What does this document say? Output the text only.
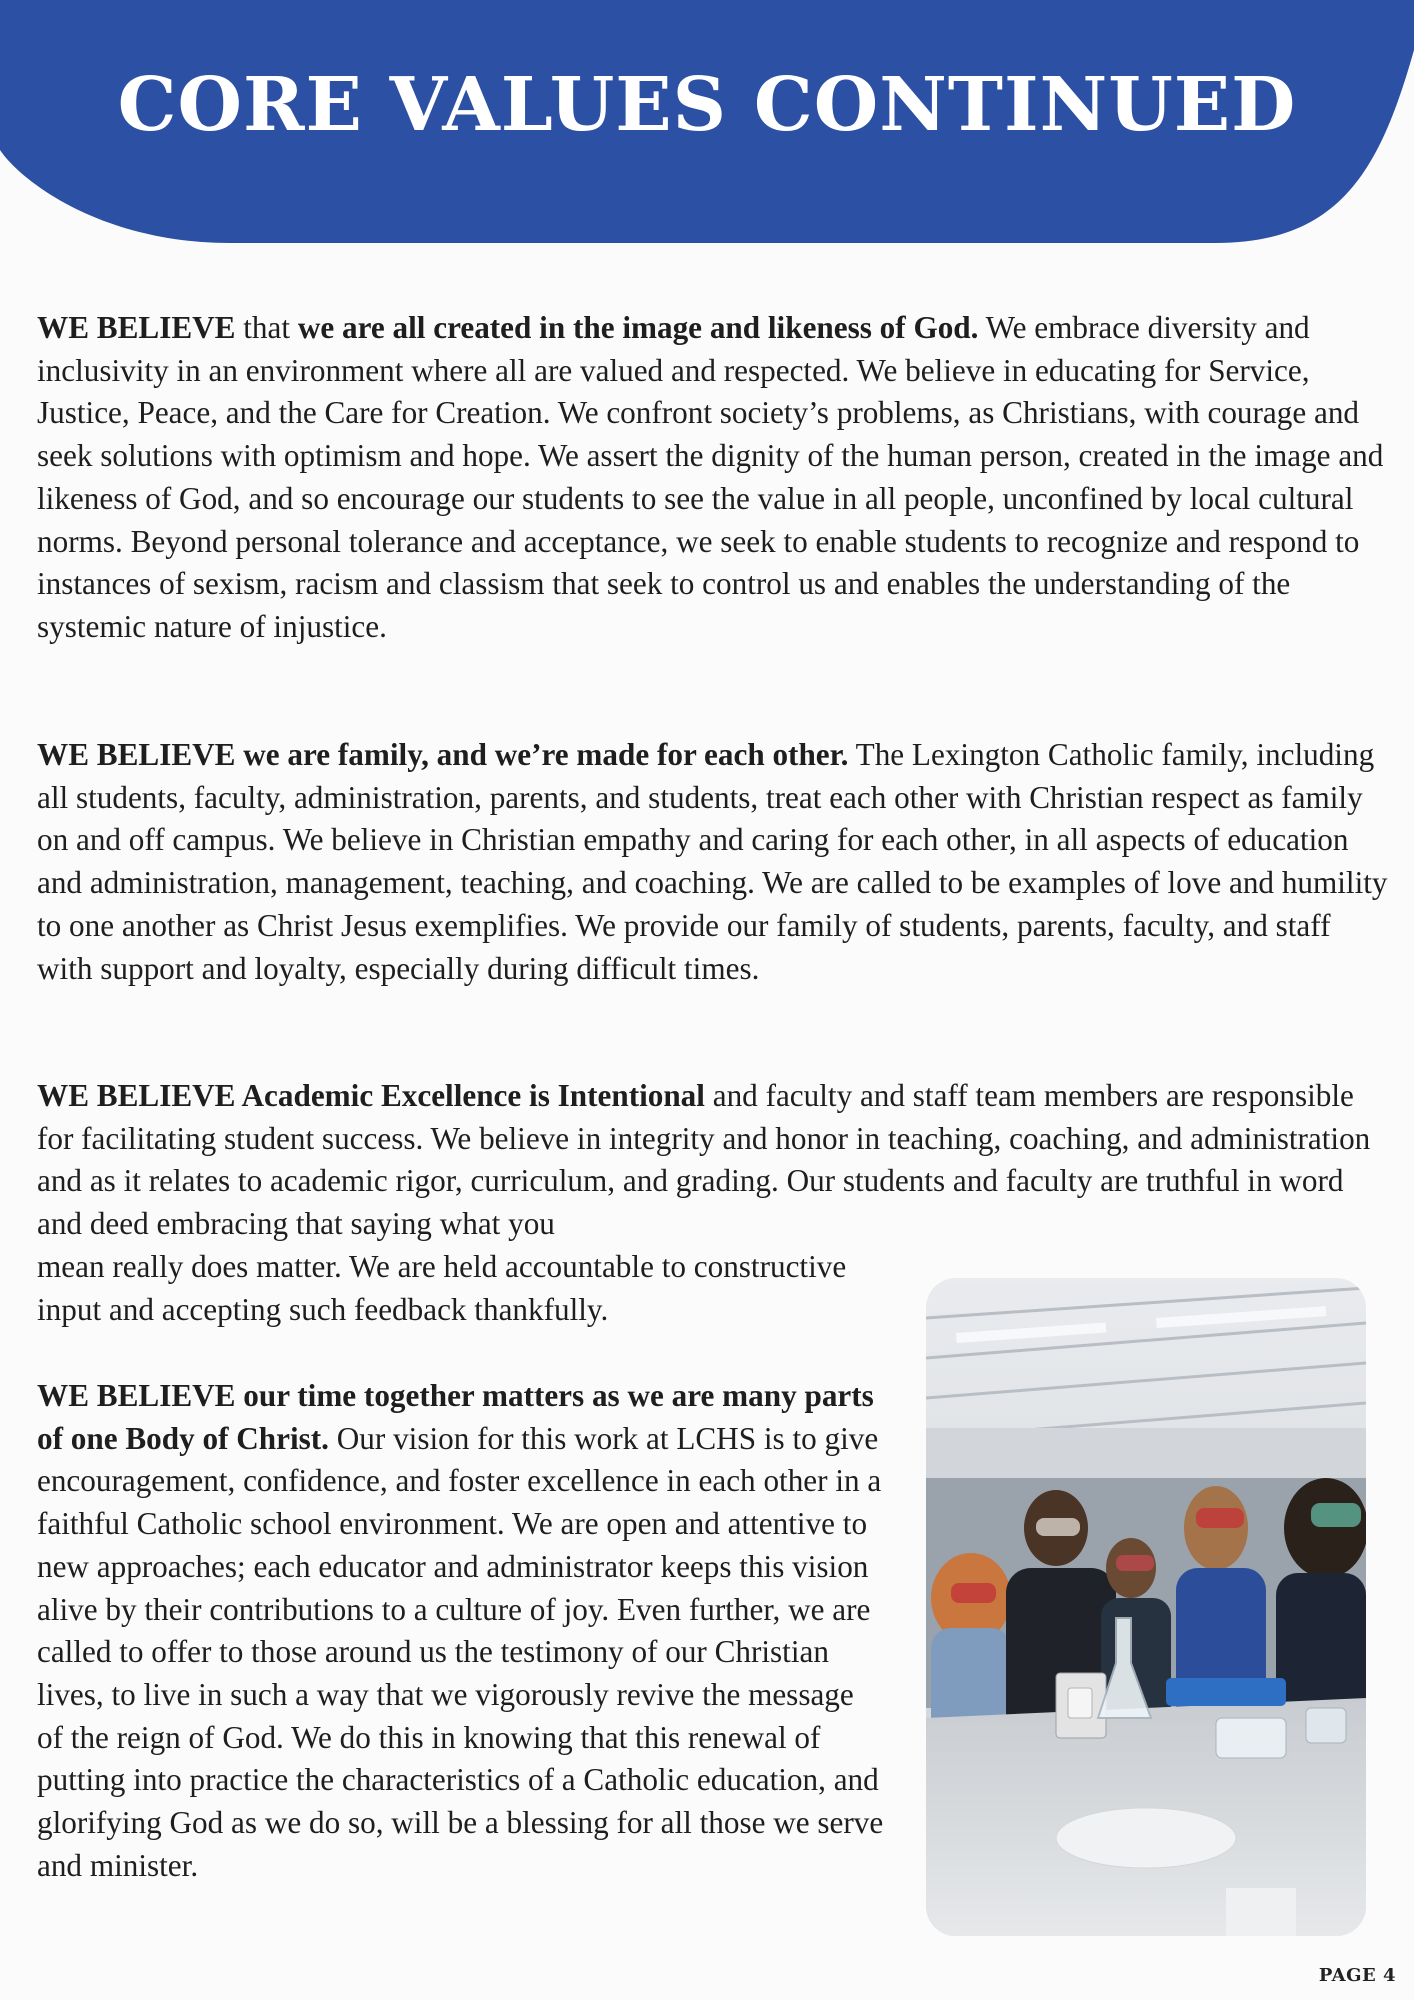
CORE VALUES CONTINUED

WE BELIEVE that we are all created in the image and likeness of God. We embrace diversity and inclusivity in an environment where all are valued and respected. We believe in educating for Service, Justice, Peace, and the Care for Creation. We confront society’s problems, as Christians, with courage and seek solutions with optimism and hope. We assert the dignity of the human person, created in the image and likeness of God, and so encourage our students to see the value in all people, unconfined by local cultural norms. Beyond personal tolerance and acceptance, we seek to enable students to recognize and respond to instances of sexism, racism and classism that seek to control us and enables the understanding of the systemic nature of injustice.

WE BELIEVE we are family, and we’re made for each other. The Lexington Catholic family, including all students, faculty, administration, parents, and students, treat each other with Christian respect as family on and off campus. We believe in Christian empathy and caring for each other, in all aspects of education and administration, management, teaching, and coaching. We are called to be examples of love and humility to one another as Christ Jesus exemplifies. We provide our family of students, parents, faculty, and staff with support and loyalty, especially during difficult times.

WE BELIEVE Academic Excellence is Intentional and faculty and staff team members are responsible for facilitating student success. We believe in integrity and honor in teaching, coaching, and administration and as it relates to academic rigor, curriculum, and grading. Our students and faculty are truthful in word and deed embracing that saying what you
mean really does matter. We are held accountable to constructive input and accepting such feedback thankfully.

WE BELIEVE our time together matters as we are many parts of one Body of Christ. Our vision for this work at LCHS is to give encouragement, confidence, and foster excellence in each other in a faithful Catholic school environment. We are open and attentive to new approaches; each educator and administrator keeps this vision alive by their contributions to a culture of joy. Even further, we are called to offer to those around us the testimony of our Christian lives, to live in such a way that we vigorously revive the message of the reign of God. We do this in knowing that this renewal of putting into practice the characteristics of a Catholic education, and glorifying God as we do so, will be a blessing for all those we serve and minister.

PAGE 4
